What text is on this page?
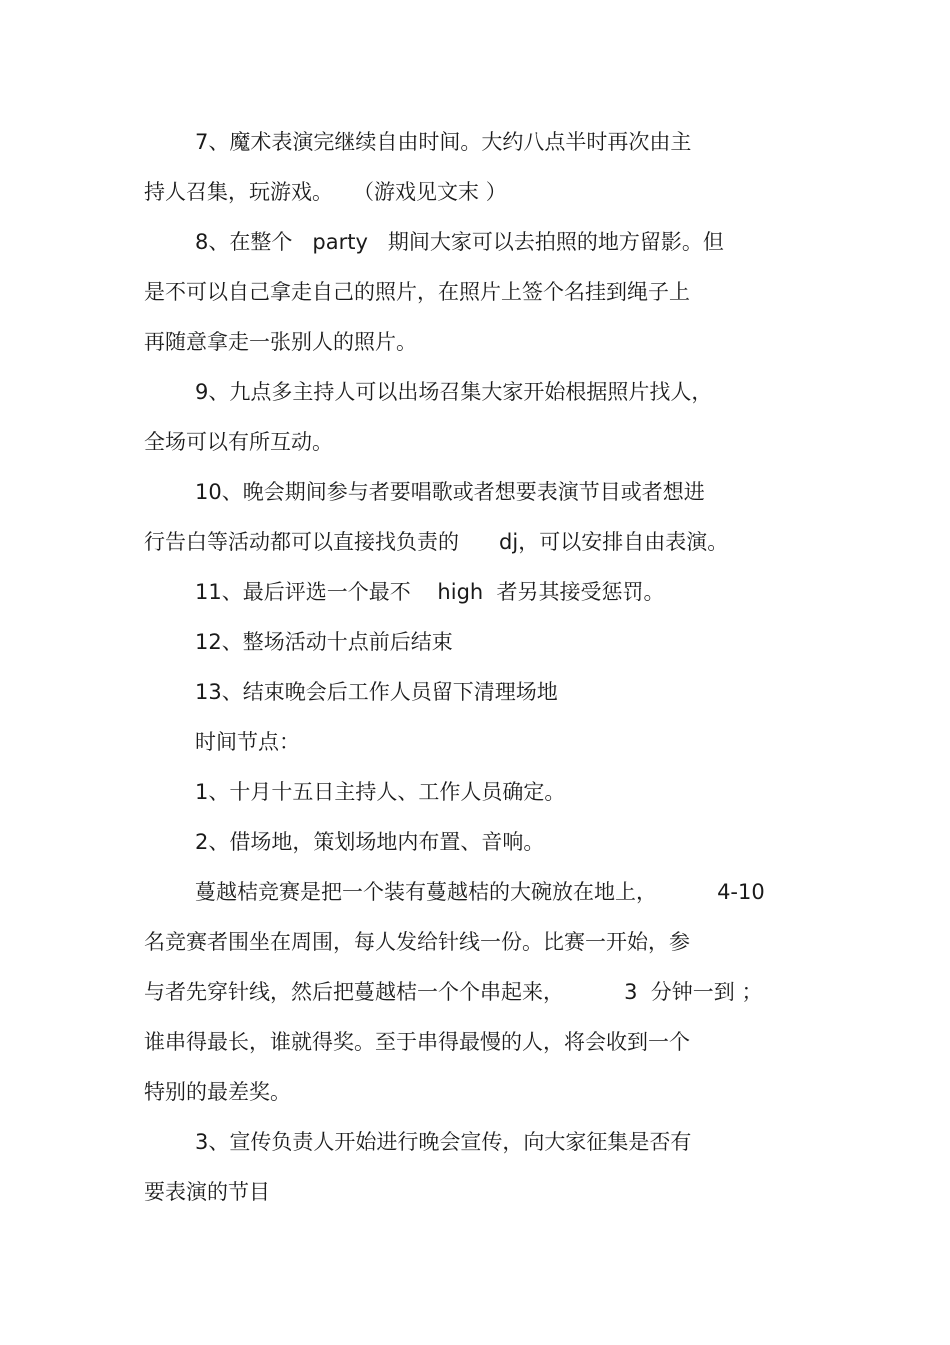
7、魔术表演完继续自由时间。大约八点半时再次由主
持人召集，玩游戏。   （游戏见文末 ）
8、在整个   party   期间大家可以去拍照的地方留影。但
是不可以自己拿走自己的照片，在照片上签个名挂到绳子上
再随意拿走一张别人的照片。
9、九点多主持人可以出场召集大家开始根据照片找人，
全场可以有所互动。
10、晚会期间参与者要唱歌或者想要表演节目或者想进
行告白等活动都可以直接找负责的      dj，可以安排自由表演。
11、最后评选一个最不    high  者另其接受惩罚。
12、整场活动十点前后结束
13、结束晚会后工作人员留下清理场地
时间节点：
1、十月十五日主持人、工作人员确定。
2、借场地，策划场地内布置、音响。
蔓越桔竞赛是把一个装有蔓越桔的大碗放在地上，         4-10
名竞赛者围坐在周围，每人发给针线一份。比赛一开始，参
与者先穿针线，然后把蔓越桔一个个串起来，         3  分钟一到 ；
谁串得最长，谁就得奖。至于串得最慢的人，将会收到一个
特别的最差奖。
3、宣传负责人开始进行晚会宣传，向大家征集是否有
要表演的节目
